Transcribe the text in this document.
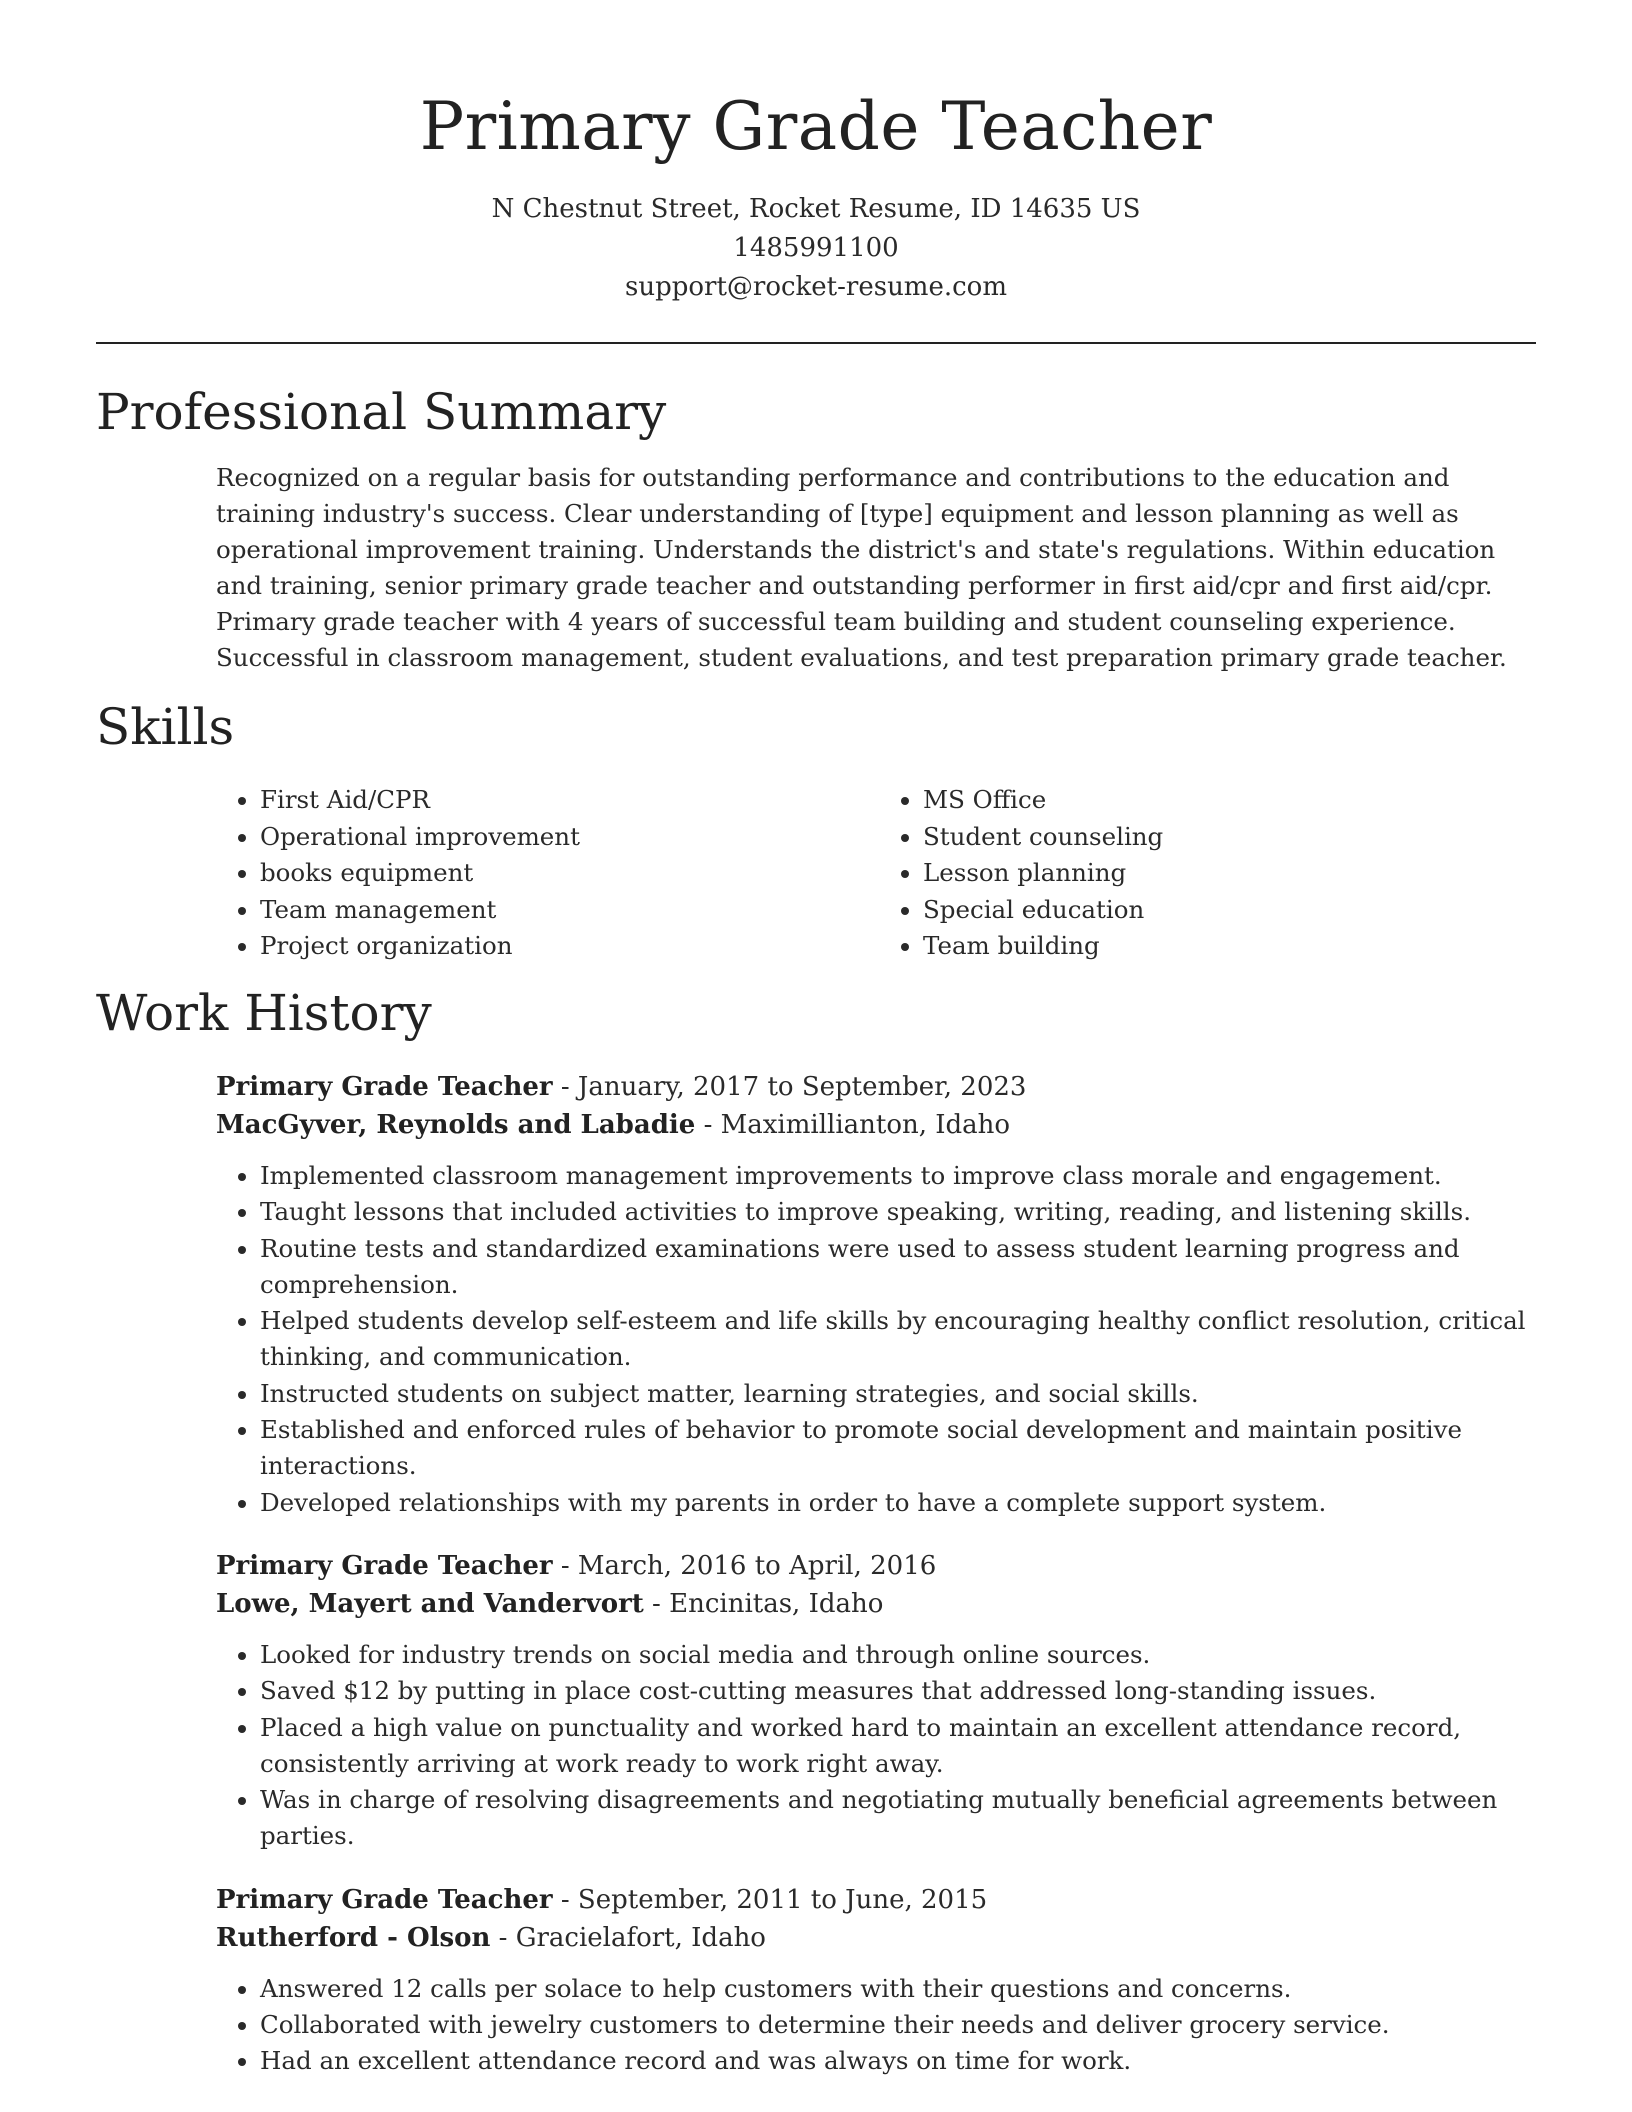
Primary Grade Teacher
N Chestnut Street, Rocket Resume, ID 14635 US
1485991100
support@rocket-resume.com
Professional Summary

Recognized on a regular basis for outstanding performance and contributions to the education and training industry's success. Clear understanding of [type] equipment and lesson planning as well as operational improvement training. Understands the district's and state's regulations. Within education and training, senior primary grade teacher and outstanding performer in first aid/cpr and first aid/cpr. Primary grade teacher with 4 years of successful team building and student counseling experience. Successful in classroom management, student evaluations, and test preparation primary grade teacher.

Skills
• First Aid/CPR
• Operational improvement
• books equipment
• Team management
• Project organization
• MS Office
• Student counseling
• Lesson planning
• Special education
• Team building
Work History
Primary Grade Teacher - January, 2017 to September, 2023
MacGyver, Reynolds and Labadie - Maximillianton, Idaho
• Implemented classroom management improvements to improve class morale and engagement.
• Taught lessons that included activities to improve speaking, writing, reading, and listening skills.
• Routine tests and standardized examinations were used to assess student learning progress and comprehension.
• Helped students develop self-esteem and life skills by encouraging healthy conflict resolution, critical thinking, and communication.
• Instructed students on subject matter, learning strategies, and social skills.
• Established and enforced rules of behavior to promote social development and maintain positive interactions.
• Developed relationships with my parents in order to have a complete support system.
Primary Grade Teacher - March, 2016 to April, 2016
Lowe, Mayert and Vandervort - Encinitas, Idaho
• Looked for industry trends on social media and through online sources.
• Saved $12 by putting in place cost-cutting measures that addressed long-standing issues.
• Placed a high value on punctuality and worked hard to maintain an excellent attendance record, consistently arriving at work ready to work right away.
• Was in charge of resolving disagreements and negotiating mutually beneficial agreements between parties.
Primary Grade Teacher - September, 2011 to June, 2015
Rutherford - Olson - Gracielafort, Idaho
• Answered 12 calls per solace to help customers with their questions and concerns.
• Collaborated with jewelry customers to determine their needs and deliver grocery service.
• Had an excellent attendance record and was always on time for work.
